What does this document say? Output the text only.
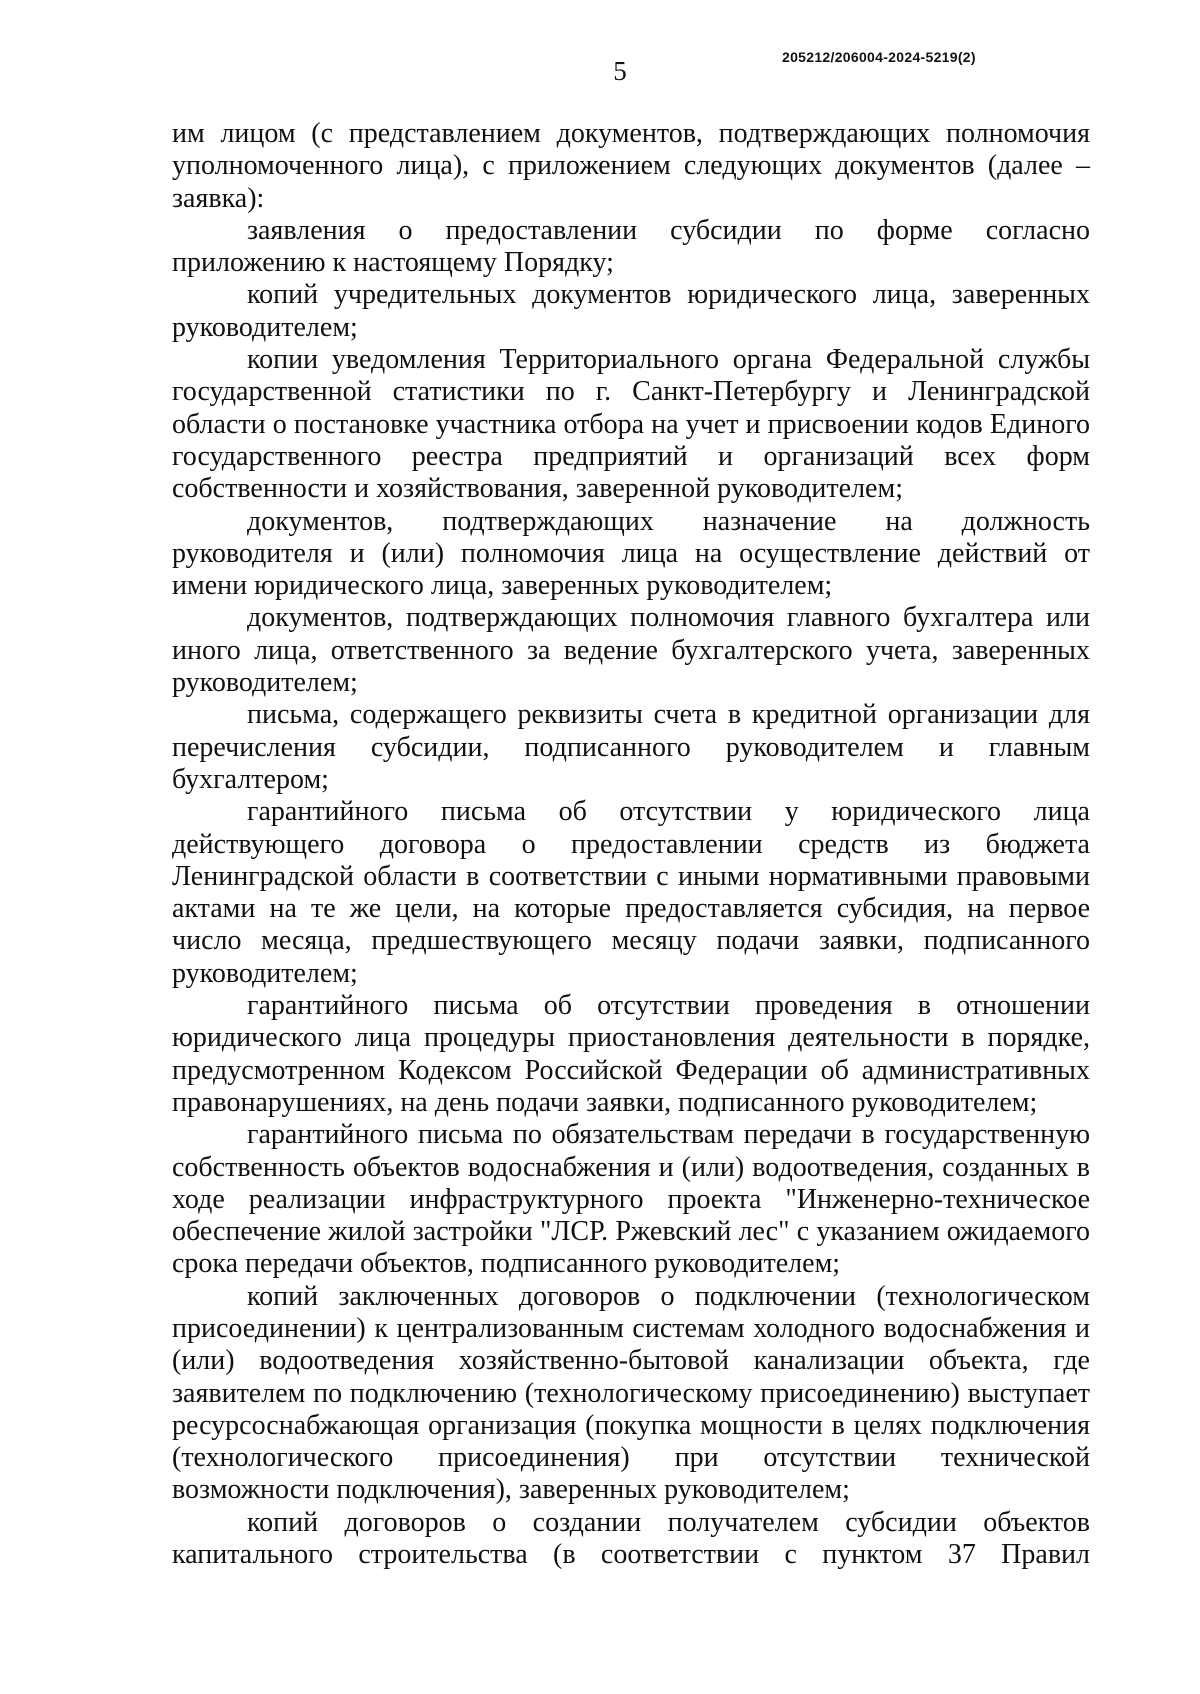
5	205212/206004-2024-5219(2)

им лицом (с представлением документов, подтверждающих полномочия уполномоченного лица), с приложением следующих документов (далее – заявка):

заявления о предоставлении субсидии по форме согласно приложению к настоящему Порядку;

копий учредительных документов юридического лица, заверенных руководителем;

копии уведомления Территориального органа Федеральной службы государственной статистики по г. Санкт-Петербургу и Ленинградской области о постановке участника отбора на учет и присвоении кодов Единого государственного реестра предприятий и организаций всех форм собственности и хозяйствования, заверенной руководителем;

документов, подтверждающих назначение на должность руководителя и (или) полномочия лица на осуществление действий от имени юридического лица, заверенных руководителем;

документов, подтверждающих полномочия главного бухгалтера или иного лица, ответственного за ведение бухгалтерского учета, заверенных руководителем;

письма, содержащего реквизиты счета в кредитной организации для перечисления субсидии, подписанного руководителем и главным бухгалтером;

гарантийного письма об отсутствии у юридического лица действующего договора о предоставлении средств из бюджета Ленинградской области в соответствии с иными нормативными правовыми актами на те же цели, на которые предоставляется субсидия, на первое число месяца, предшествующего месяцу подачи заявки, подписанного руководителем;

гарантийного письма об отсутствии проведения в отношении юридического лица процедуры приостановления деятельности в порядке, предусмотренном Кодексом Российской Федерации об административных правонарушениях, на день подачи заявки, подписанного руководителем;

гарантийного письма по обязательствам передачи в государственную собственность объектов водоснабжения и (или) водоотведения, созданных в ходе реализации инфраструктурного проекта "Инженерно-техническое обеспечение жилой застройки "ЛСР. Ржевский лес" с указанием ожидаемого срока передачи объектов, подписанного руководителем;

копий заключенных договоров о подключении (технологическом присоединении) к централизованным системам холодного водоснабжения и (или) водоотведения хозяйственно-бытовой канализации объекта, где заявителем по подключению (технологическому присоединению) выступает ресурсоснабжающая организация (покупка мощности в целях подключения (технологического присоединения) при отсутствии технической возможности подключения), заверенных руководителем;

копий договоров о создании получателем субсидии объектов капитального строительства (в соответствии с пунктом 37 Правил
